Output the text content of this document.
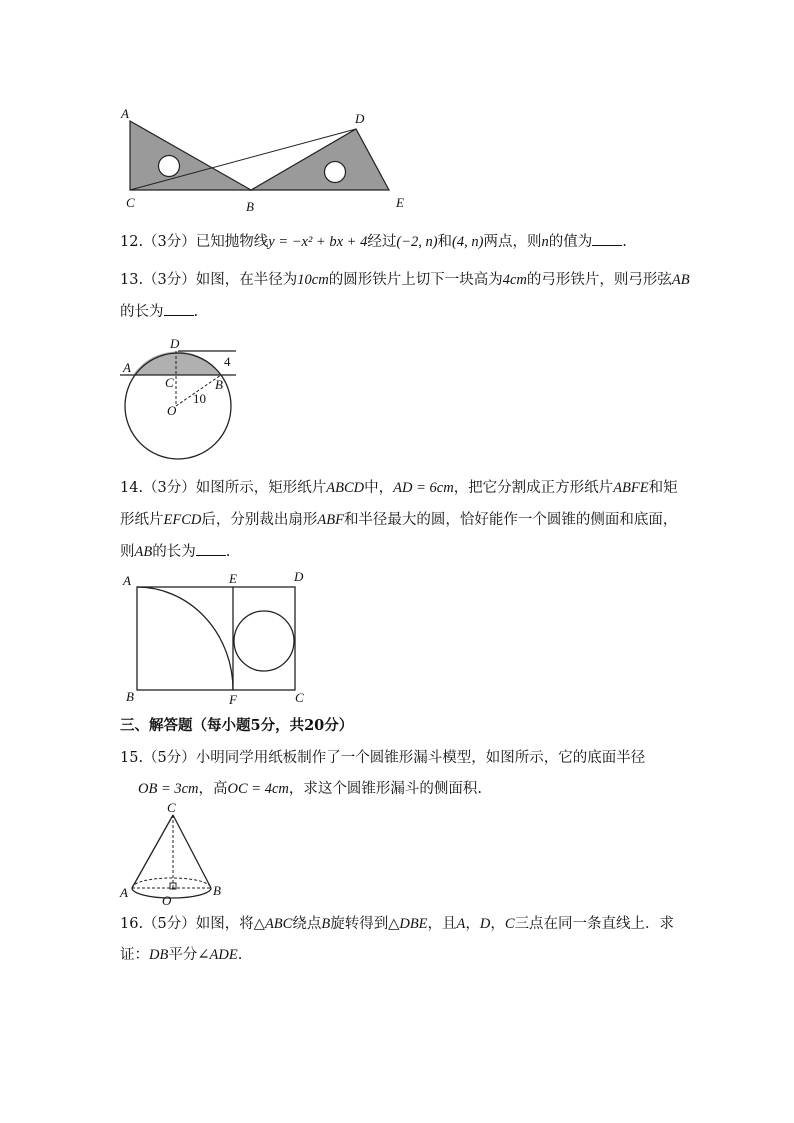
A
C	B
D
E
12.（3分）已知抛物线y = −x² + bx + 4经过(−2, n)和(4, n)两点，则n的值为 .
13.（3分）如图，在半径为10cm的圆形铁片上切下一块高为4cm的弓形铁片，则弓形弦AB
的长为 .
D
4
A
C	B
10
O
14.（3分）如图所示，矩形纸片ABCD中，AD = 6cm，把它分割成正方形纸片ABFE和矩
形纸片EFCD后，分别裁出扇形ABF和半径最大的圆，恰好能作一个圆锥的侧面和底面，
则AB的长为 .
A	E	D
B	F	C
三、解答题（每小题5分，共20分）
15.（5分）小明同学用纸板制作了一个圆锥形漏斗模型，如图所示，它的底面半径
OB = 3cm，高OC = 4cm，求这个圆锥形漏斗的侧面积.
C
A	B
O
16.（5分）如图，将△ABC绕点B旋转得到△DBE，且A，D，C三点在同一条直线上．求
证：DB平分∠ADE.
